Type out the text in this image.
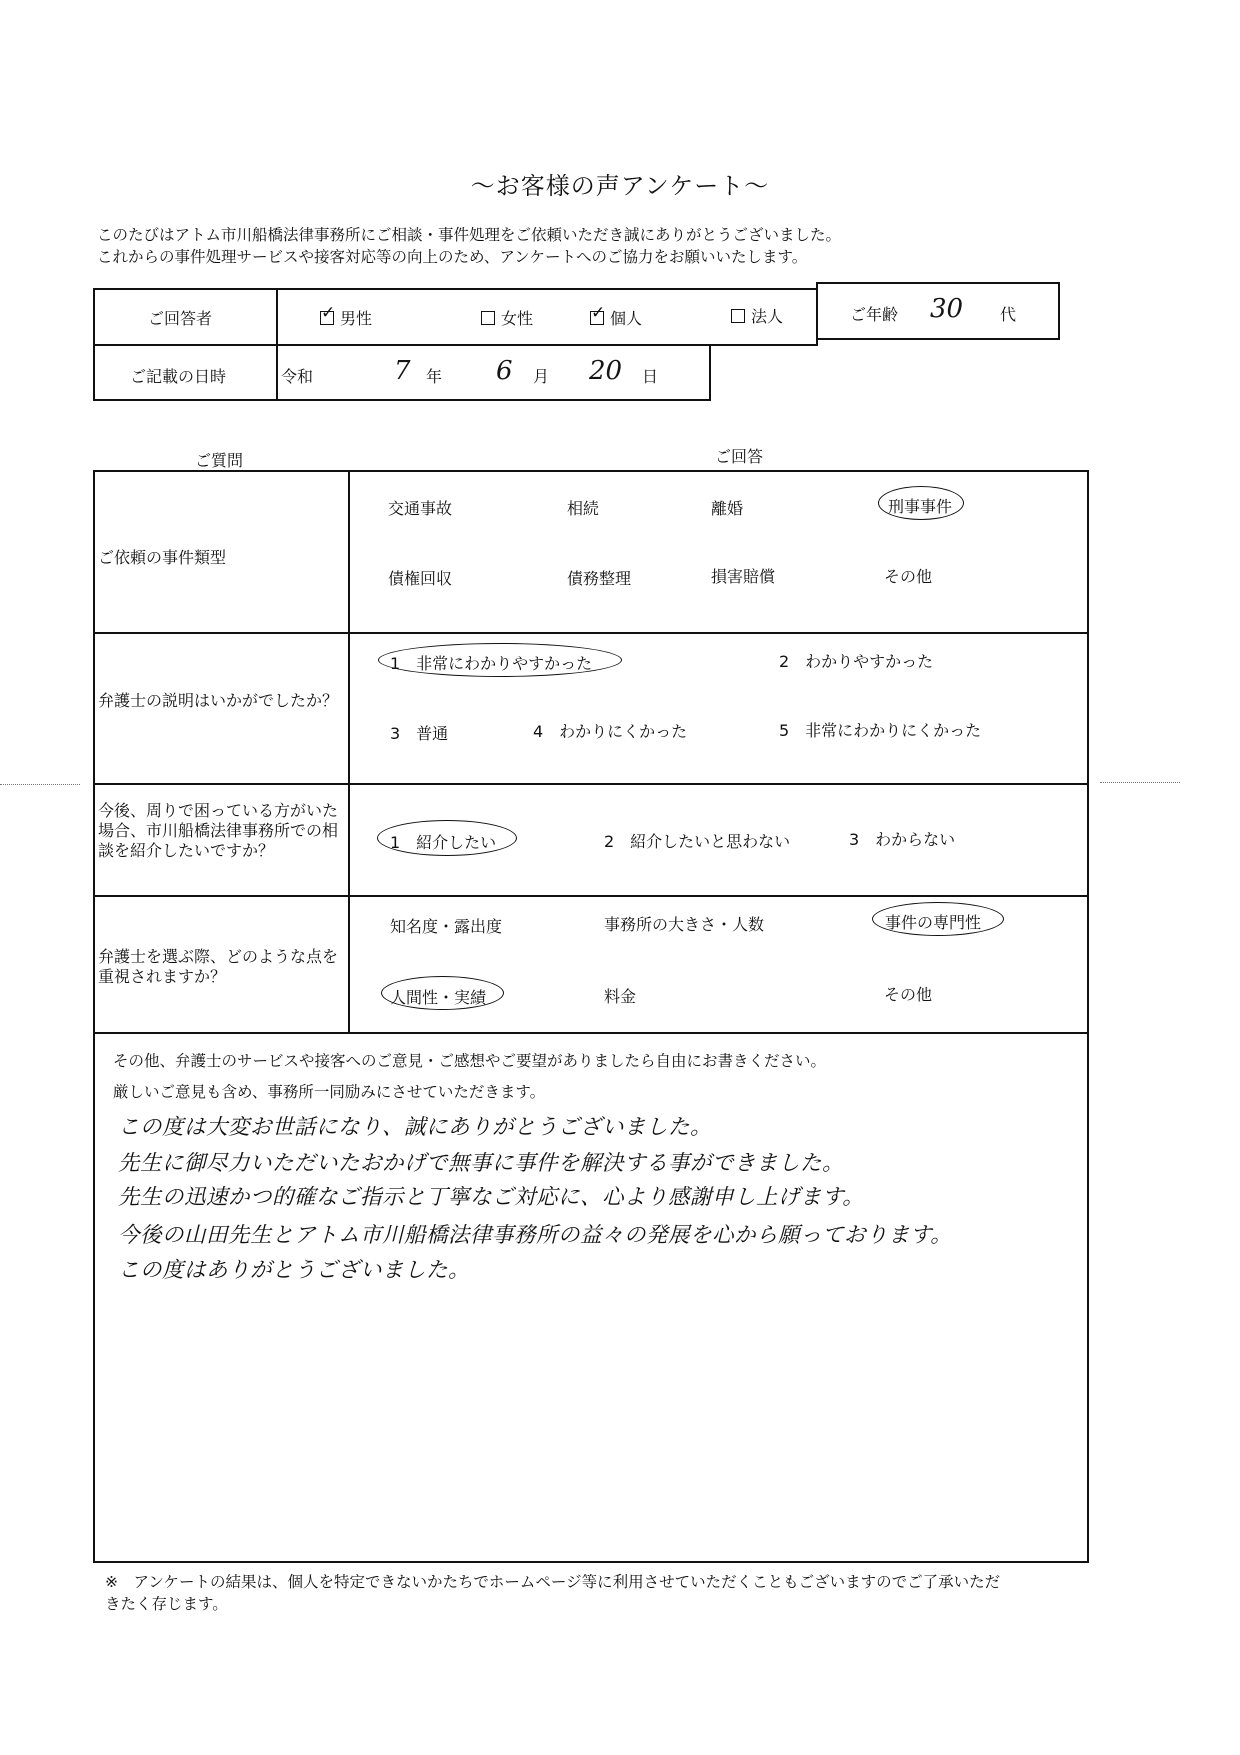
〜お客様の声アンケート〜
このたびはアトム市川船橋法律事務所にご相談・事件処理をご依頼いただき誠にありがとうございました。
これからの事件処理サービスや接客対応等の向上のため、アンケートへのご協力をお願いいたします。
ご回答者 ✓	男性	女性 ✓	個人	法人	ご年齢 30 代
ご記載の日時	令和	7 年 6 月 20 日
ご質問	ご回答
ご依頼の事件類型
交通事故	相続	離婚	刑事事件
債権回収	債務整理	損害賠償	その他
弁護士の説明はいかがでしたか？
1　非常にわかりやすかった	2　わかりやすかった
3　普通	4　わかりにくかった	5　非常にわかりにくかった
今後、周りで困っている方がいた場合、市川船橋法律事務所での相談を紹介したいですか？	1　紹介したい	2　紹介したいと思わない	3　わからない
弁護士を選ぶ際、どのような点を重視されますか？
知名度・露出度	事務所の大きさ・人数	事件の専門性
人間性・実績	料金	その他
その他、弁護士のサービスや接客へのご意見・ご感想やご要望がありましたら自由にお書きください。
厳しいご意見も含め、事務所一同励みにさせていただきます。
この度は大変お世話になり、誠にありがとうございました。
先生に御尽力いただいたおかげで無事に事件を解決する事ができました。
先生の迅速かつ的確なご指示と丁寧なご対応に、心より感謝申し上げます。
今後の山田先生とアトム市川船橋法律事務所の益々の発展を心から願っております。
この度はありがとうございました。
※　アンケートの結果は、個人を特定できないかたちでホームページ等に利用させていただくこともございますのでご了承いただ
きたく存じます。
